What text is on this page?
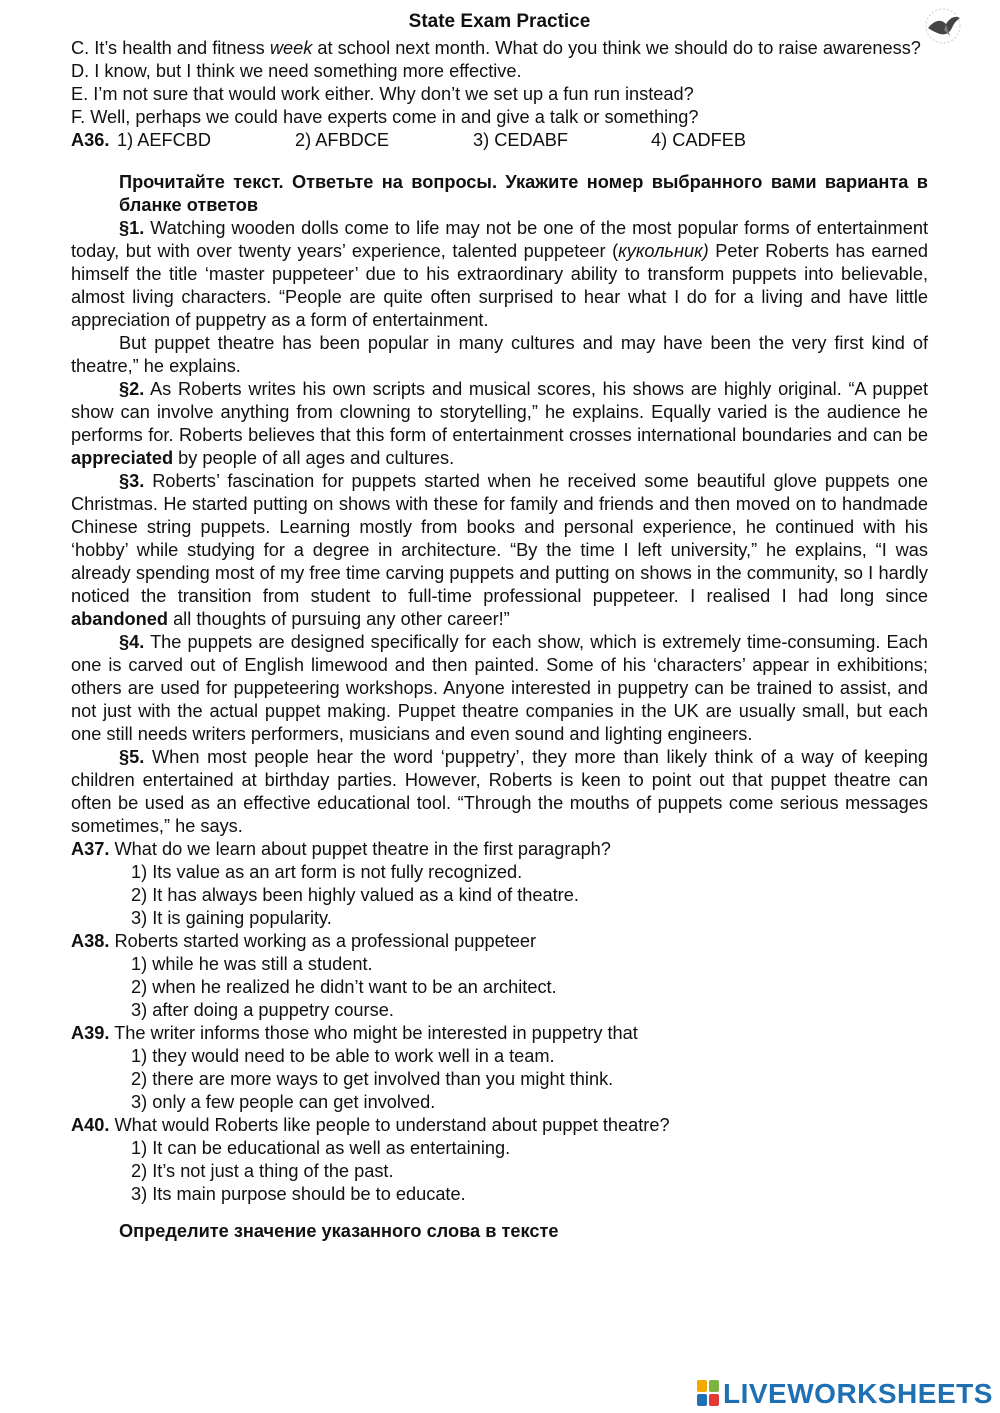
State Exam Practice

C. It’s health and fitness week at school next month. What do you think we should do to raise awareness?

D. I know, but I think we need something more effective.

E. I’m not sure that would work either. Why don’t we set up a fun run instead?

F. Well, perhaps we could have experts come in and give a talk or something?

A36. 1) AEFCBD	2) AFBDCE	3) CEDABF	4) CADFEB
Прочитайте текст. Ответьте на вопросы. Укажите номер выбранного вами варианта в бланке ответов

§1. Watching wooden dolls come to life may not be one of the most popular forms of entertainment today, but with over twenty years’ experience, talented puppeteer (кукольник) Peter Roberts has earned himself the title ‘master puppeteer’ due to his extraordinary ability to transform puppets into believable, almost living characters. “People are quite often surprised to hear what I do for a living and have little appreciation of puppetry as a form of entertainment.

But puppet theatre has been popular in many cultures and may have been the very first kind of theatre,” he explains.

§2. As Roberts writes his own scripts and musical scores, his shows are highly original. “A puppet show can involve anything from clowning to storytelling,” he explains. Equally varied is the audience he performs for. Roberts believes that this form of entertainment crosses international boundaries and can be appreciated by people of all ages and cultures.

§3. Roberts’ fascination for puppets started when he received some beautiful glove puppets one Christmas. He started putting on shows with these for family and friends and then moved on to handmade Chinese string puppets. Learning mostly from books and personal experience, he continued with his ‘hobby’ while studying for a degree in architecture. “By the time I left university,” he explains, “I was already spending most of my free time carving puppets and putting on shows in the community, so I hardly noticed the transition from student to full-time professional puppeteer. I realised I had long since abandoned all thoughts of pursuing any other career!”

§4. The puppets are designed specifically for each show, which is extremely time-consuming. Each one is carved out of English limewood and then painted. Some of his ‘characters’ appear in exhibitions; others are used for puppeteering workshops. Anyone interested in puppetry can be trained to assist, and not just with the actual puppet making. Puppet theatre companies in the UK are usually small, but each one still needs writers performers, musicians and even sound and lighting engineers.

§5. When most people hear the word ‘puppetry’, they more than likely think of a way of keeping children entertained at birthday parties. However, Roberts is keen to point out that puppet theatre can often be used as an effective educational tool. “Through the mouths of puppets come serious messages sometimes,” he says.

A37. What do we learn about puppet theatre in the first paragraph?

1) Its value as an art form is not fully recognized.

2) It has always been highly valued as a kind of theatre.

3) It is gaining popularity.

A38. Roberts started working as a professional puppeteer

1) while he was still a student.

2) when he realized he didn’t want to be an architect.

3) after doing a puppetry course.

A39. The writer informs those who might be interested in puppetry that

1) they would need to be able to work well in a team.

2) there are more ways to get involved than you might think.

3) only a few people can get involved.

A40. What would Roberts like people to understand about puppet theatre?

1) It can be educational as well as entertaining.

2) It’s not just a thing of the past.

3) Its main purpose should be to educate.

Определите значение указанного слова в тексте
LIVEWORKSHEETS
